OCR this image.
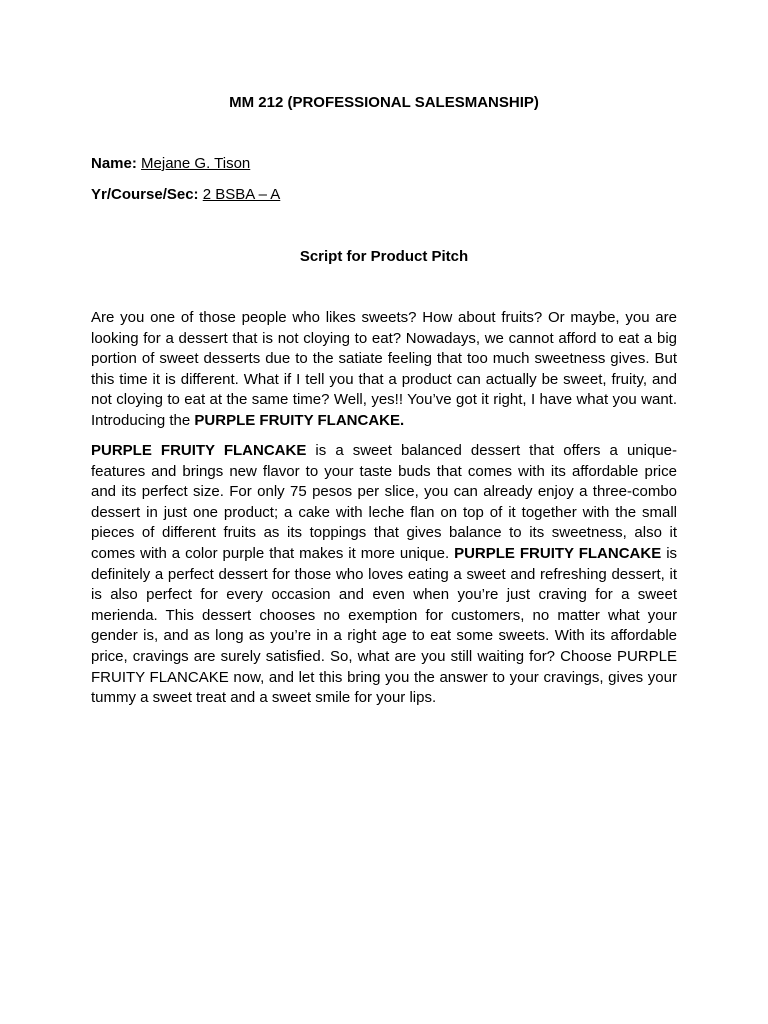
MM 212 (PROFESSIONAL SALESMANSHIP)
Name: Mejane G. Tison
Yr/Course/Sec: 2 BSBA – A
Script for Product Pitch

Are you one of those people who likes sweets? How about fruits? Or maybe, you are looking for a dessert that is not cloying to eat? Nowadays, we cannot afford to eat a big portion of sweet desserts due to the satiate feeling that too much sweetness gives. But this time it is different. What if I tell you that a product can actually be sweet, fruity, and not cloying to eat at the same time? Well, yes!! You’ve got it right, I have what you want. Introducing the PURPLE FRUITY FLANCAKE.

PURPLE FRUITY FLANCAKE is a sweet balanced dessert that offers a unique-features and brings new flavor to your taste buds that comes with its affordable price and its perfect size. For only 75 pesos per slice, you can already enjoy a three-combo dessert in just one product; a cake with leche flan on top of it together with the small pieces of different fruits as its toppings that gives balance to its sweetness, also it comes with a color purple that makes it more unique. PURPLE FRUITY FLANCAKE is definitely a perfect dessert for those who loves eating a sweet and refreshing dessert, it is also perfect for every occasion and even when you’re just craving for a sweet merienda. This dessert chooses no exemption for customers, no matter what your gender is, and as long as you’re in a right age to eat some sweets. With its affordable price, cravings are surely satisfied. So, what are you still waiting for? Choose PURPLE FRUITY FLANCAKE now, and let this bring you the answer to your cravings, gives your tummy a sweet treat and a sweet smile for your lips.
